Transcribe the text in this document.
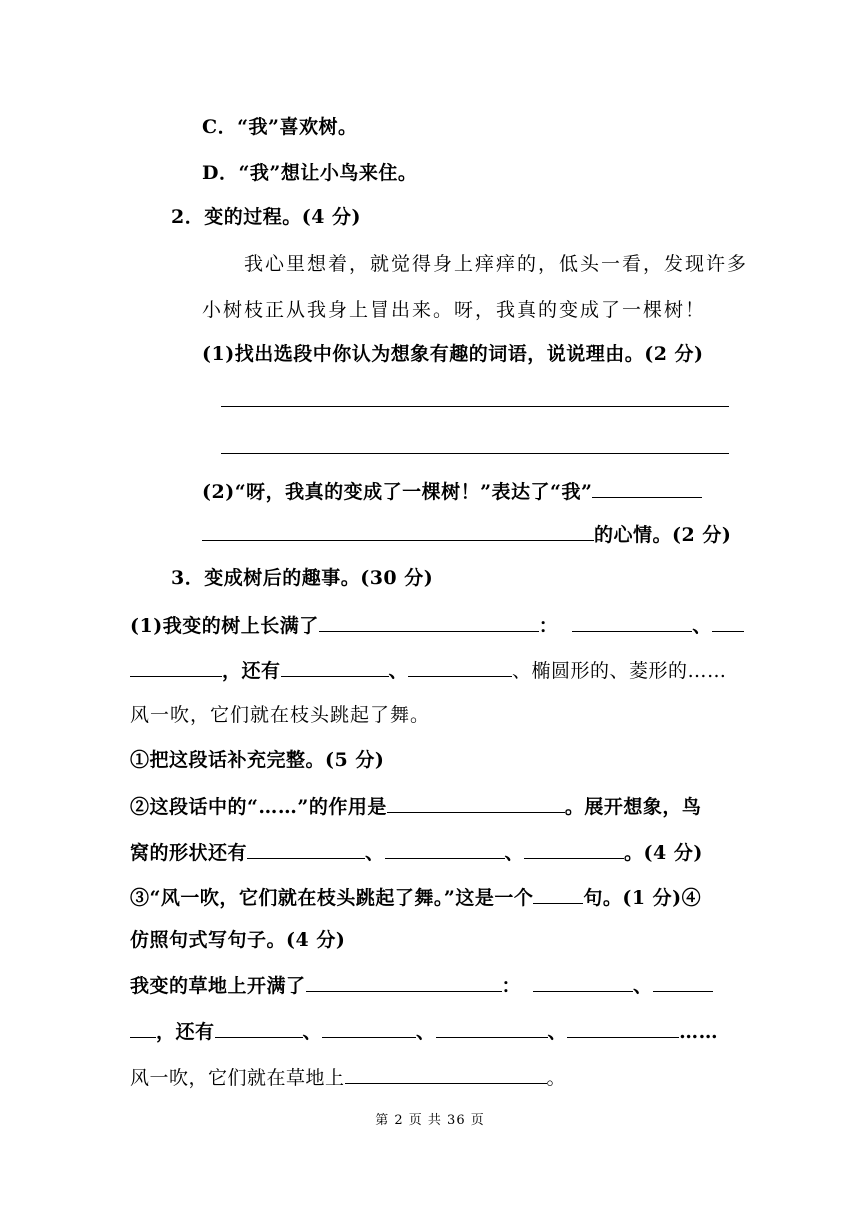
C．“我”喜欢树。
D．“我”想让小鸟来住。
2．变的过程。(4 分)
我心里想着，就觉得身上痒痒的，低头一看，发现许多
小树枝正从我身上冒出来。呀，我真的变成了一棵树！
(1)找出选段中你认为想象有趣的词语，说说理由。(2 分)
(2)“呀，我真的变成了一棵树！”表达了“我”
的心情。(2 分)
3．变成树后的趣事。(30 分)
(1)我变的树上长满了	：	、
，还有	、	、椭圆形的、菱形的……
风一吹，它们就在枝头跳起了舞。
①把这段话补充完整。(5 分)
②这段话中的“……”的作用是	。展开想象，鸟
窝的形状还有	、	、	。(4 分)
③“风一吹，它们就在枝头跳起了舞。”这是一个	句。(1 分)④
仿照句式写句子。(4 分)
我变的草地上开满了	：	、
，还有	、	、	、	……
风一吹，它们就在草地上	。
第 2 页 共 36 页
